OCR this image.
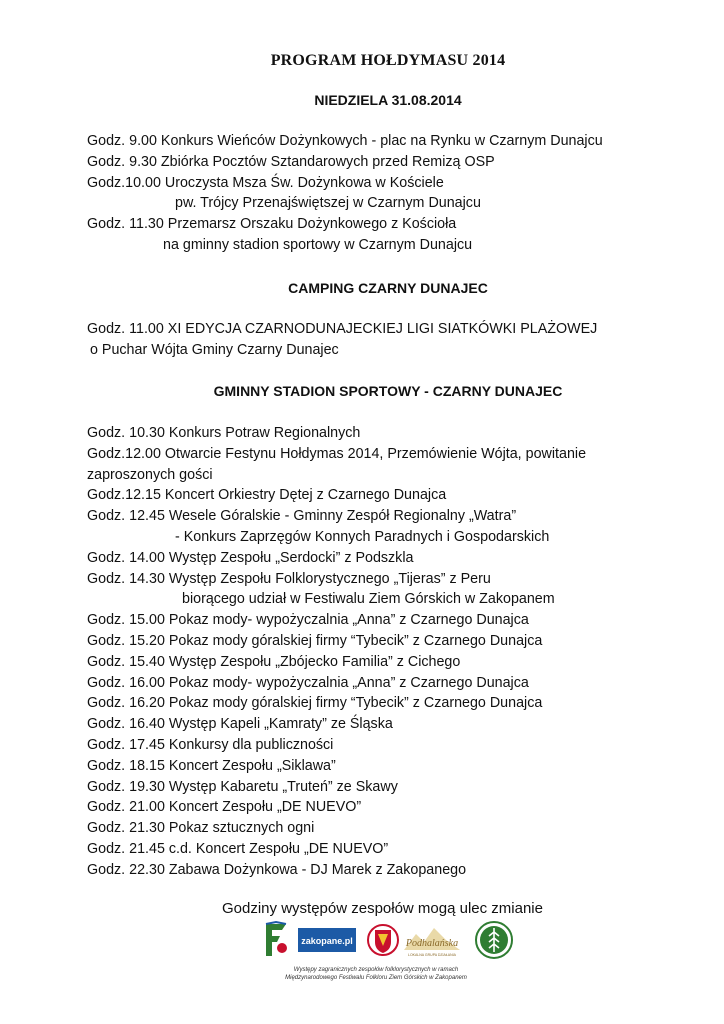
PROGRAM HOŁDYMASU 2014
NIEDZIELA 31.08.2014
Godz. 9.00 Konkurs Wieńców Dożynkowych - plac na Rynku w Czarnym Dunajcu
Godz. 9.30 Zbiórka Pocztów Sztandarowych przed Remizą OSP
Godz.10.00 Uroczysta Msza Św. Dożynkowa w Kościele
pw. Trójcy Przenajświętszej w Czarnym Dunajcu
Godz. 11.30 Przemarsz Orszaku Dożynkowego z Kościoła
na gminny stadion sportowy w Czarnym Dunajcu
CAMPING CZARNY DUNAJEC
Godz. 11.00 XI EDYCJA CZARNODUNAJECKIEJ LIGI SIATKÓWKI PLAŻOWEJ
o Puchar Wójta Gminy Czarny Dunajec
GMINNY STADION SPORTOWY - CZARNY DUNAJEC
Godz. 10.30 Konkurs Potraw Regionalnych
Godz.12.00 Otwarcie Festynu Hołdymas 2014, Przemówienie Wójta, powitanie
zaproszonych gości
Godz.12.15 Koncert Orkiestry Dętej z Czarnego Dunajca
Godz. 12.45 Wesele Góralskie - Gminny Zespół Regionalny „Watra”
- Konkurs Zaprzęgów Konnych Paradnych i Gospodarskich
Godz. 14.00 Występ Zespołu „Serdocki” z Podszkla
Godz. 14.30 Występ Zespołu Folklorystycznego „Tijeras” z Peru
biorącego udział w Festiwalu Ziem Górskich w Zakopanem
Godz. 15.00 Pokaz mody- wypożyczalnia „Anna” z Czarnego Dunajca
Godz. 15.20 Pokaz mody góralskiej firmy “Tybecik” z Czarnego Dunajca
Godz. 15.40 Występ Zespołu „Zbójecko Familia” z Cichego
Godz. 16.00 Pokaz mody- wypożyczalnia „Anna” z Czarnego Dunajca
Godz. 16.20 Pokaz mody góralskiej firmy “Tybecik” z Czarnego Dunajca
Godz. 16.40 Występ Kapeli „Kamraty” ze Śląska
Godz. 17.45 Konkursy dla publiczności
Godz. 18.15 Koncert Zespołu „Siklawa”
Godz. 19.30 Występ Kabaretu „Truteń” ze Skawy
Godz. 21.00 Koncert Zespołu „DE NUEVO”
Godz. 21.30 Pokaz sztucznych ogni
Godz. 21.45 c.d. Koncert Zespołu „DE NUEVO”
Godz. 22.30 Zabawa Dożynkowa - DJ Marek z Zakopanego
Godziny występów zespołów mogą ulec zmianie
zakopane.pl	Podhalańska
LOKALNA GRUPA DZIAŁANIA
Występy zagranicznych zespołów folklorystycznych w ramach
Międzynarodowego Festiwalu Folkloru Ziem Górskich w Zakopanem
